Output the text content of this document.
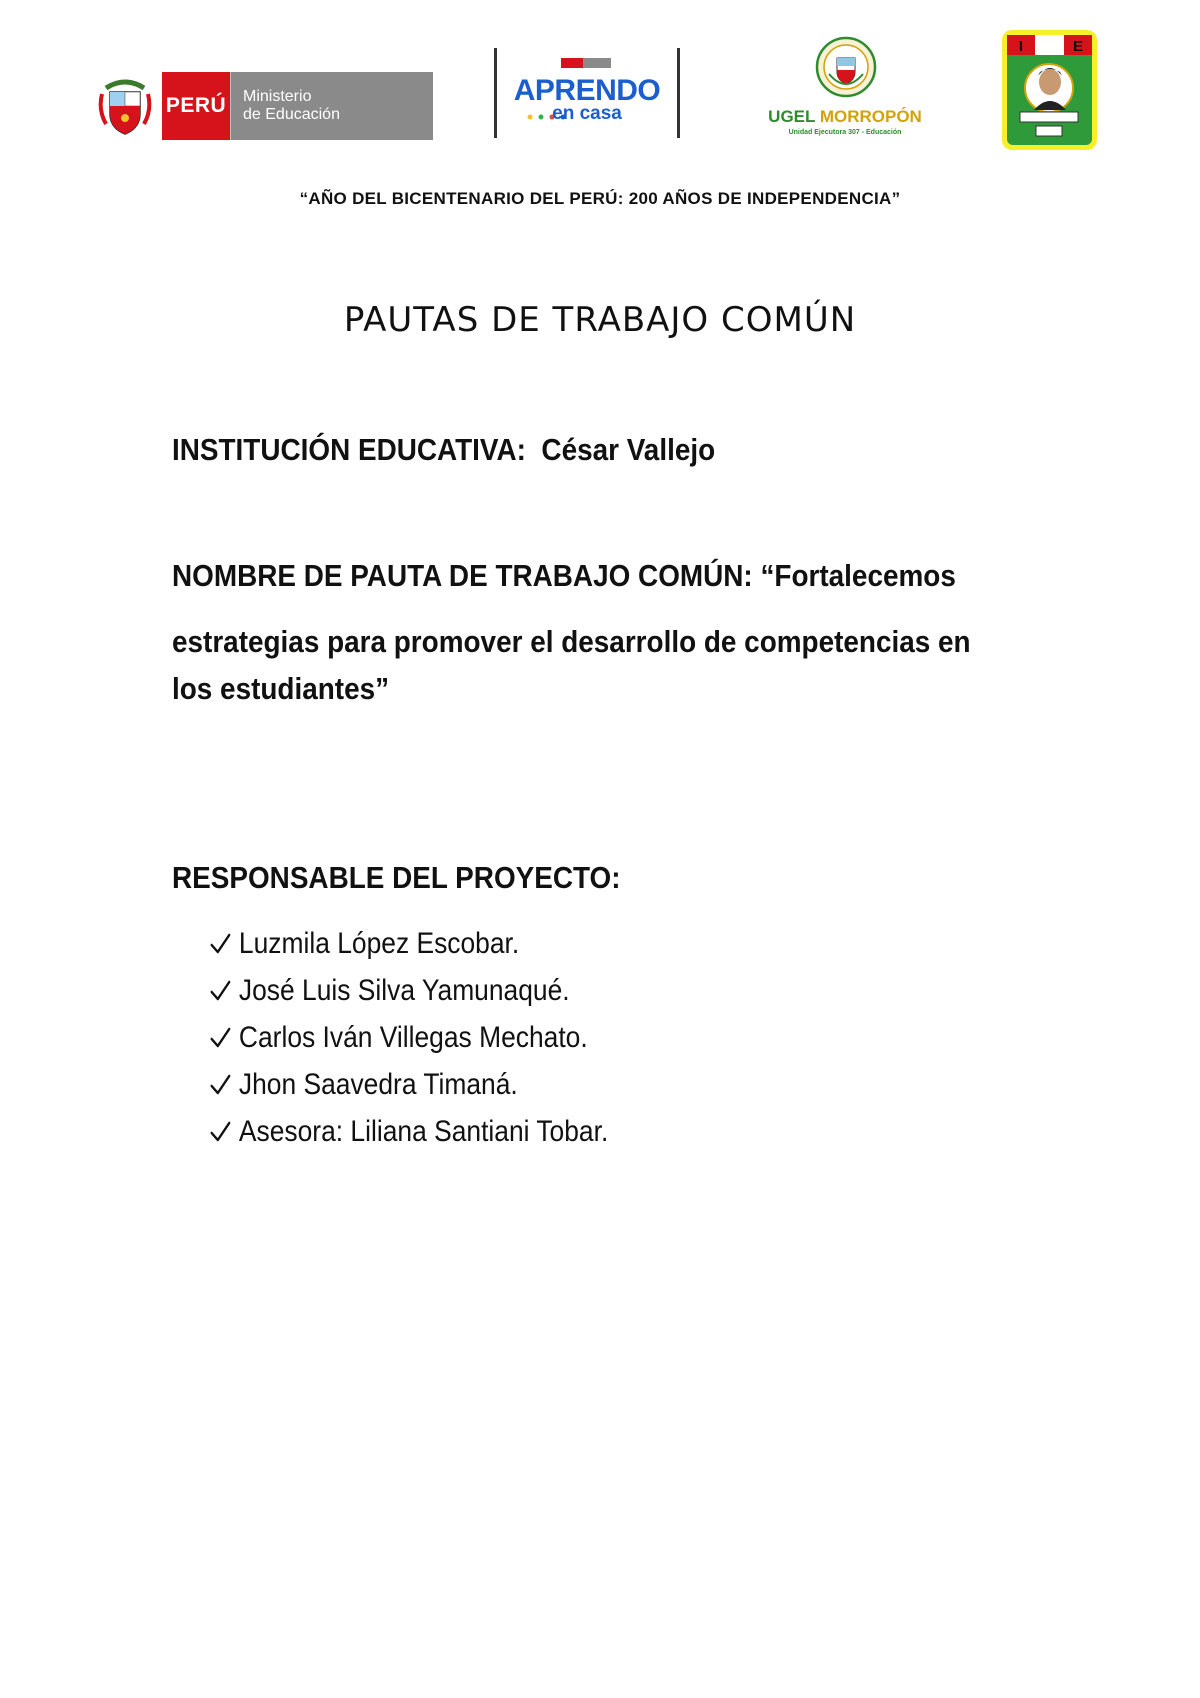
PERÚ Ministerio
de Educación
APRENDO
en casa	UGEL MORROPÓN
Unidad Ejecutora 307 - Educación
I	E
“AÑO DEL BICENTENARIO DEL PERÚ: 200 AÑOS DE INDEPENDENCIA”
PAUTAS DE TRABAJO COMÚN
INSTITUCIÓN EDUCATIVA: César Vallejo
NOMBRE DE PAUTA DE TRABAJO COMÚN: “Fortalecemos
estrategias para promover el desarrollo de competencias en
los estudiantes”
RESPONSABLE DEL PROYECTO:
Luzmila López Escobar.
José Luis Silva Yamunaqué.
Carlos Iván Villegas Mechato.
Jhon Saavedra Timaná.
Asesora: Liliana Santiani Tobar.
